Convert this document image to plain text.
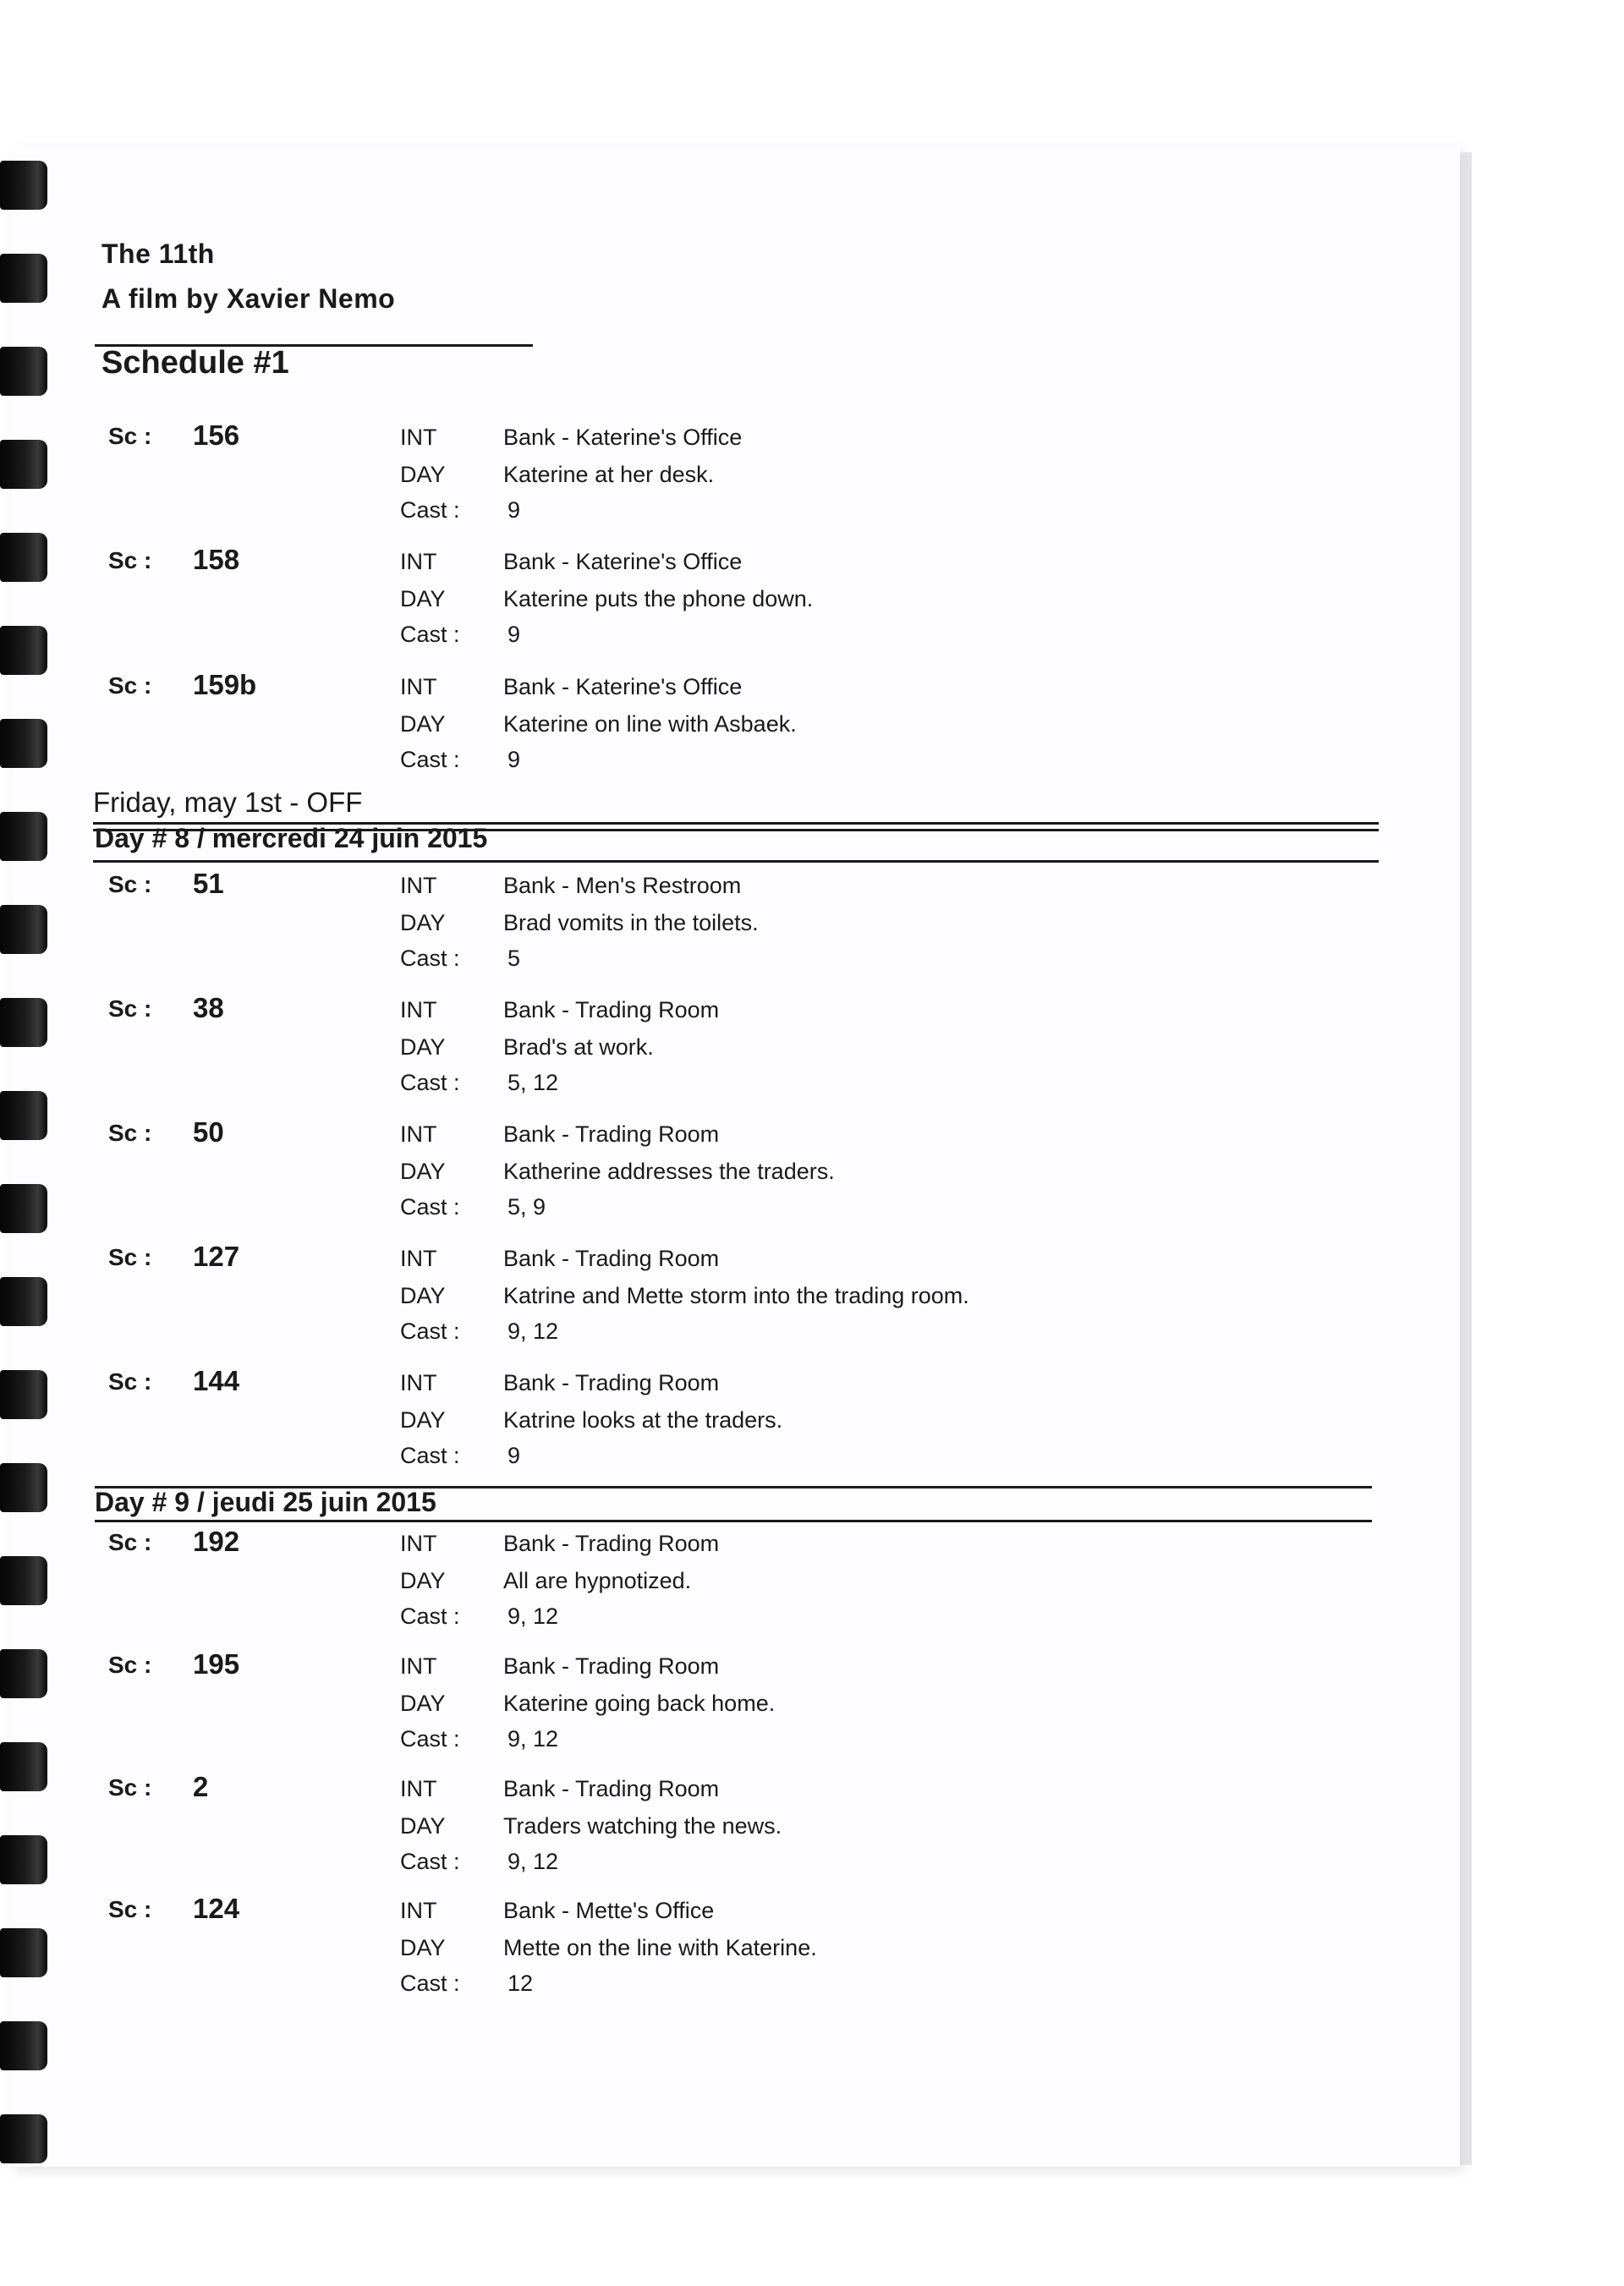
The 11th
A film by Xavier Nemo
Schedule #1
Sc : 156	INT	Bank - Katerine's Office
DAY	Katerine at her desk.
Cast : 9
Sc : 158	INT	Bank - Katerine's Office
DAY	Katerine puts the phone down.
Cast : 9
Sc : 159b	INT	Bank - Katerine's Office
DAY	Katerine on line with Asbaek.
Cast : 9
Friday, may 1st - OFF
Day # 8 / mercredi 24 juin 2015
Sc : 51	INT	Bank - Men's Restroom
DAY	Brad vomits in the toilets.
Cast : 5
Sc : 38	INT	Bank - Trading Room
DAY	Brad's at work.
Cast : 5, 12
Sc : 50	INT	Bank - Trading Room
DAY	Katherine addresses the traders.
Cast : 5, 9
Sc : 127	INT	Bank - Trading Room
DAY	Katrine and Mette storm into the trading room.
Cast : 9, 12
Sc : 144	INT	Bank - Trading Room
DAY	Katrine looks at the traders.
Cast : 9
Day # 9 / jeudi 25 juin 2015
Sc : 192	INT	Bank - Trading Room
DAY	All are hypnotized.
Cast : 9, 12
Sc : 195	INT	Bank - Trading Room
DAY	Katerine going back home.
Cast : 9, 12
Sc : 2	INT	Bank - Trading Room
DAY	Traders watching the news.
Cast : 9, 12
Sc : 124	INT	Bank - Mette's Office
DAY	Mette on the line with Katerine.
Cast : 12
